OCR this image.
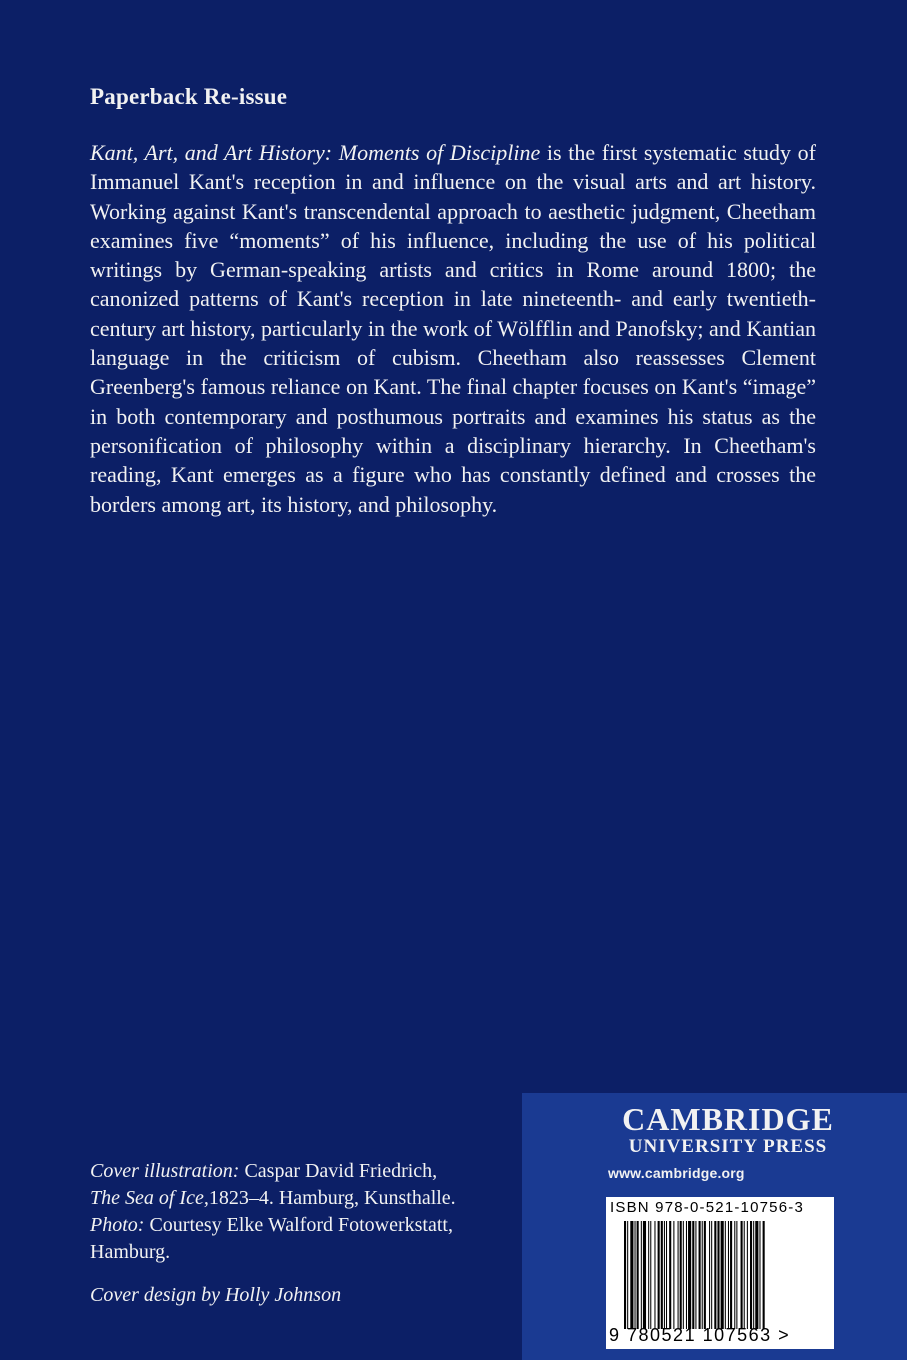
Paperback Re-issue

Kant, Art, and Art History: Moments of Discipline is the first systematic study of Immanuel Kant's reception in and influence on the visual arts and art history. Working against Kant's transcendental approach to aesthetic judgment, Cheetham examines five “moments” of his influence, including the use of his political writings by German-speaking artists and critics in Rome around 1800; the canonized patterns of Kant's reception in late nineteenth- and early twentieth-century art history, particularly in the work of Wölfflin and Panofsky; and Kantian language in the criticism of cubism. Cheetham also reassesses Clement Greenberg's famous reliance on Kant. The final chapter focuses on Kant's “image” in both contemporary and posthumous portraits and examines his status as the personification of philosophy within a disciplinary hierarchy. In Cheetham's reading, Kant emerges as a figure who has constantly defined and crosses the borders among art, its history, and philosophy.

Cover illustration: Caspar David Friedrich,
The Sea of Ice,1823–4. Hamburg, Kunsthalle.
Photo: Courtesy Elke Walford Fotowerkstatt, Hamburg.

Cover design by Holly Johnson

CAMBRIDGE
UNIVERSITY PRESS
www.cambridge.org
ISBN 978-0-521-10756-3
9 780521 107563 >
